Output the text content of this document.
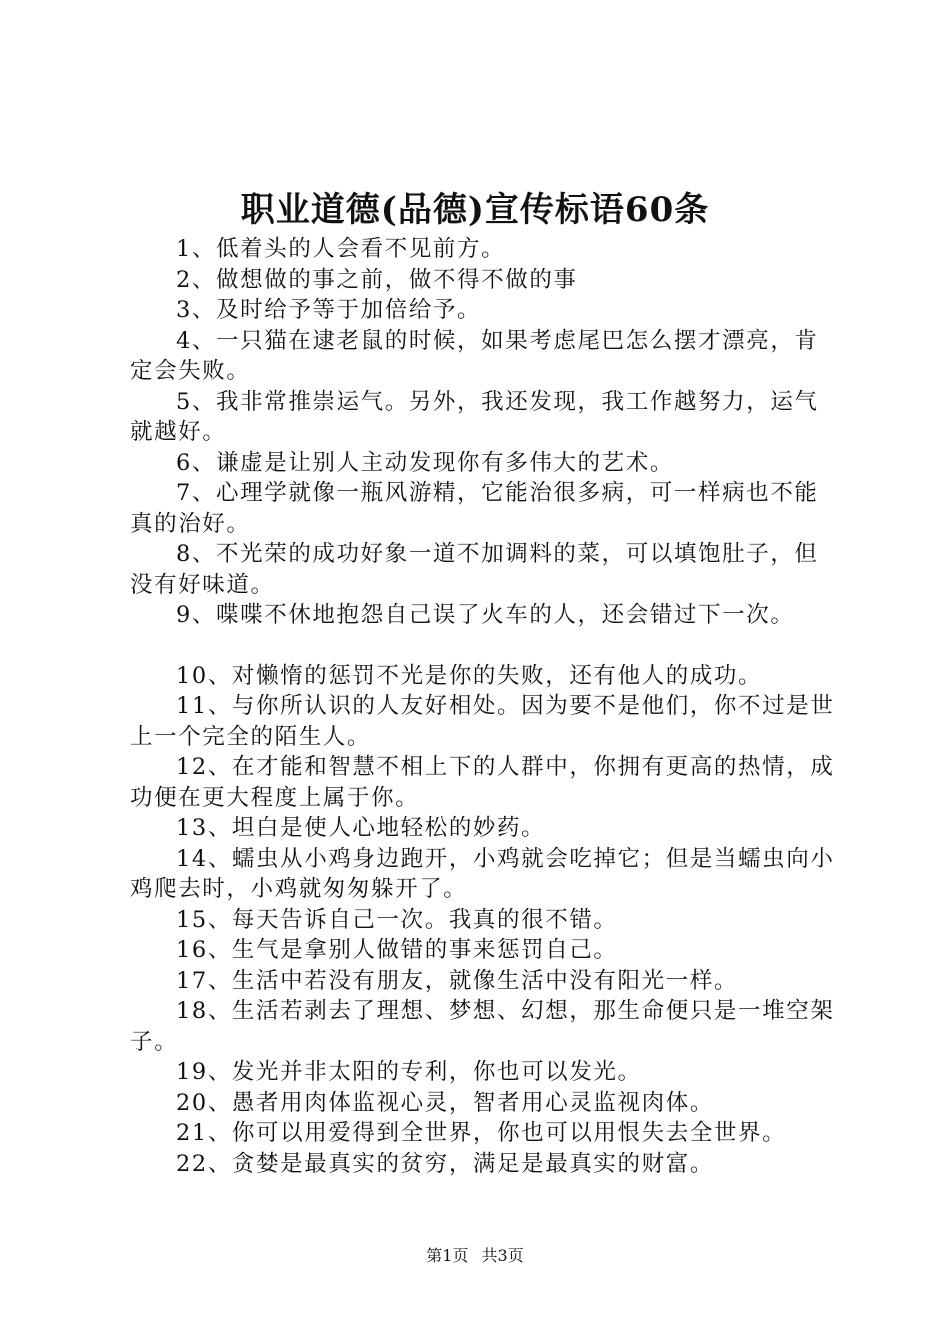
职业道德(品德)宣传标语60条

1、低着头的人会看不见前方。

2、做想做的事之前，做不得不做的事

3、及时给予等于加倍给予。

4、一只猫在逮老鼠的时候，如果考虑尾巴怎么摆才漂亮，肯定会失败。

5、我非常推崇运气。另外，我还发现，我工作越努力，运气就越好。

6、谦虚是让别人主动发现你有多伟大的艺术。

7、心理学就像一瓶风游精，它能治很多病，可一样病也不能真的治好。

8、不光荣的成功好象一道不加调料的菜，可以填饱肚子，但没有好味道。

9、喋喋不休地抱怨自己误了火车的人，还会错过下一次。

10、对懒惰的惩罚不光是你的失败，还有他人的成功。

11、与你所认识的人友好相处。因为要不是他们，你不过是世上一个完全的陌生人。

12、在才能和智慧不相上下的人群中，你拥有更高的热情，成功便在更大程度上属于你。

13、坦白是使人心地轻松的妙药。

14、蠕虫从小鸡身边跑开，小鸡就会吃掉它；但是当蠕虫向小鸡爬去时，小鸡就匆匆躲开了。

15、每天告诉自己一次。我真的很不错。

16、生气是拿别人做错的事来惩罚自己。

17、生活中若没有朋友，就像生活中没有阳光一样。

18、生活若剥去了理想、梦想、幻想，那生命便只是一堆空架子。

19、发光并非太阳的专利，你也可以发光。

20、愚者用肉体监视心灵，智者用心灵监视肉体。

21、你可以用爱得到全世界，你也可以用恨失去全世界。

22、贪婪是最真实的贫穷，满足是最真实的财富。

第1页 共3页
